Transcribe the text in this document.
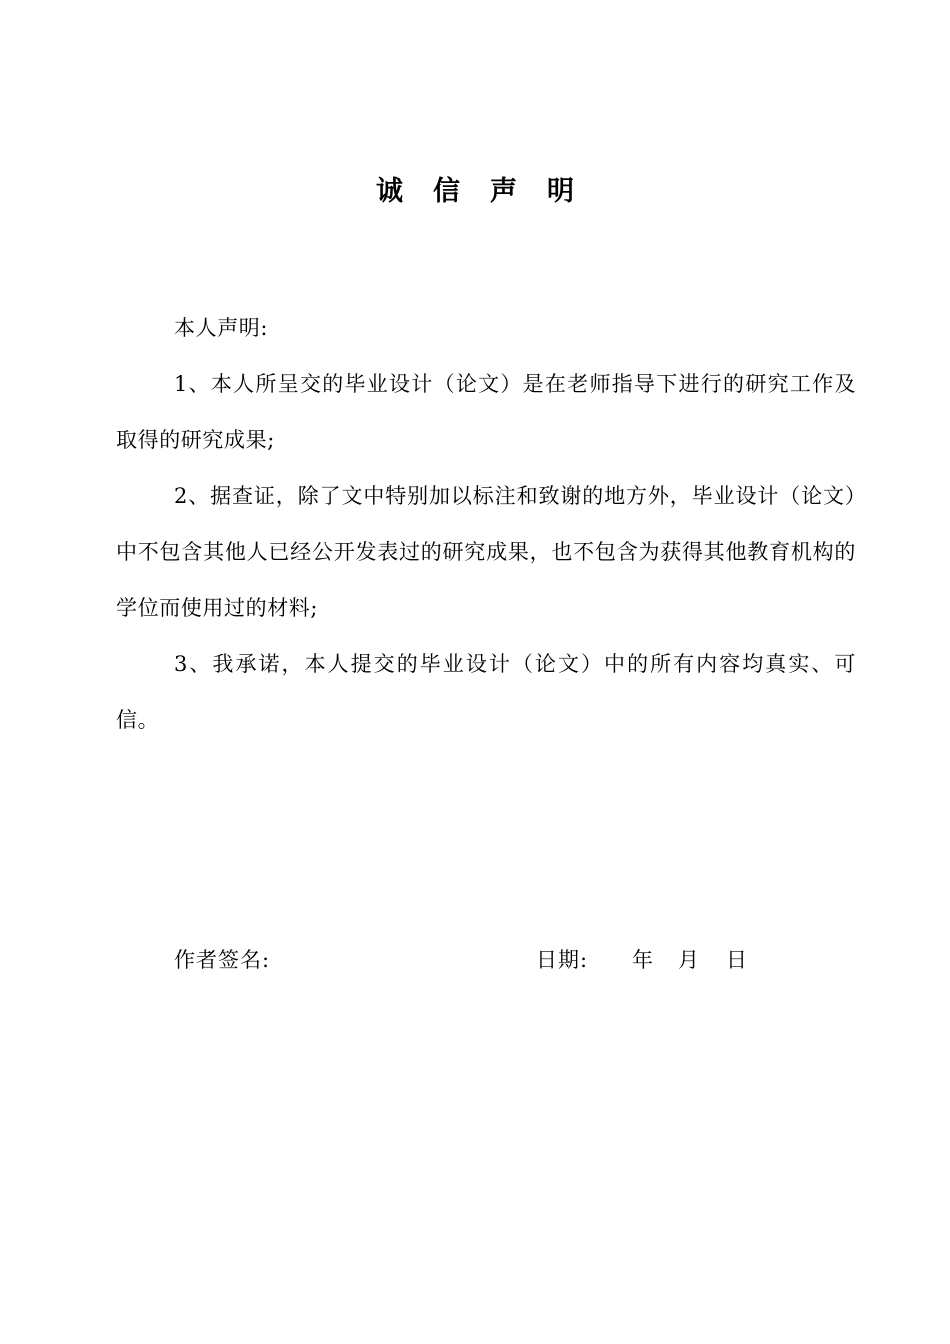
诚信声明

本人声明:

1、本人所呈交的毕业设计（论文）是在老师指导下进行的研究工作及取得的研究成果;

2、据查证，除了文中特别加以标注和致谢的地方外，毕业设计（论文）中不包含其他人已经公开发表过的研究成果，也不包含为获得其他教育机构的学位而使用过的材料;

3、我承诺，本人提交的毕业设计（论文）中的所有内容均真实、可信。

作者签名:	日期: 年 月 日
